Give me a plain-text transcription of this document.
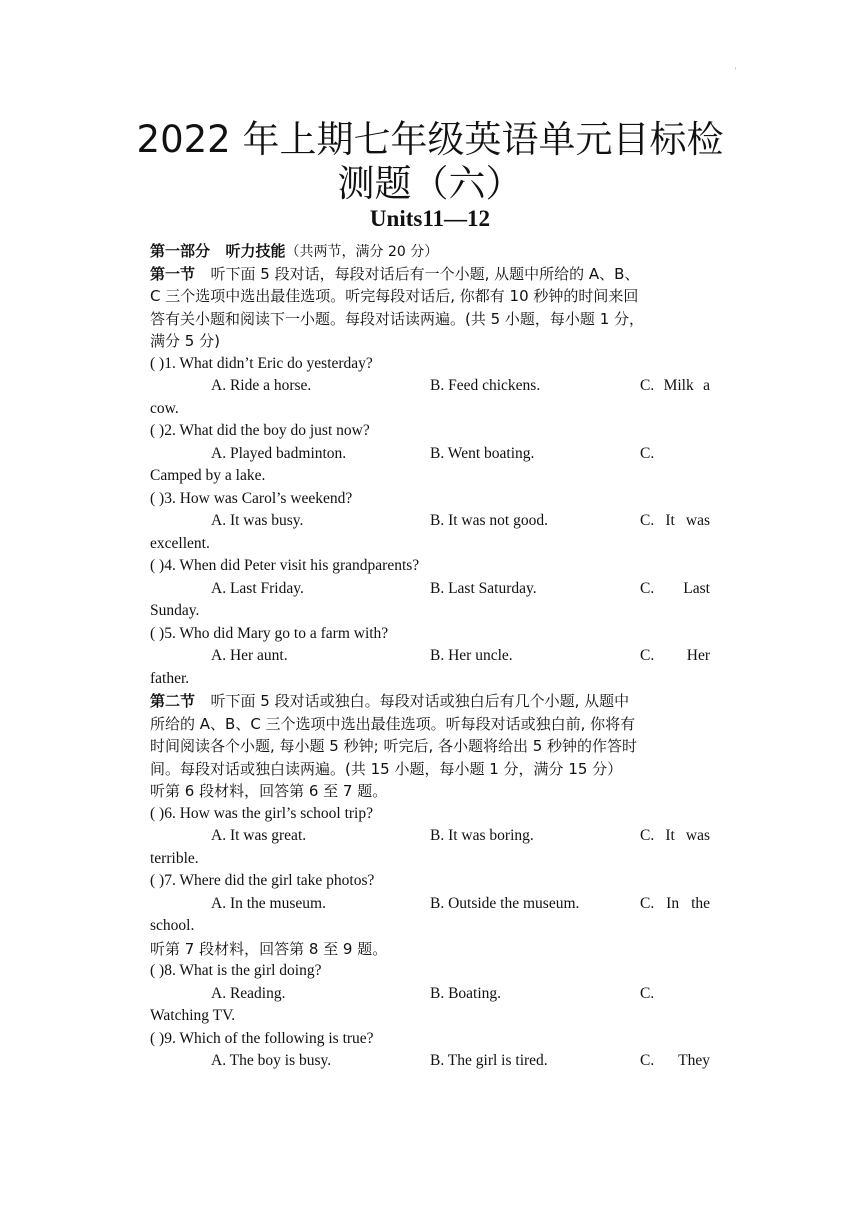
'
2022 年上期七年级英语单元目标检
测题（六）
Units11—12
第一部分 听力技能（共两节，满分 20 分）
第一节 听下面 5 段对话，每段对话后有一个小题, 从题中所给的 A、B、
C 三个选项中选出最佳选项。听完每段对话后, 你都有 10 秒钟的时间来回
答有关小题和阅读下一小题。每段对话读两遍。(共 5 小题，每小题 1 分，
满分 5 分)
( )1. What didn’t Eric do yesterday?
A. Ride a horse.	B. Feed chickens.	C. Milk a
cow.
( )2. What did the boy do just now?
A. Played badminton.	B. Went boating.	C.
Camped by a lake.
( )3. How was Carol’s weekend?
A. It was busy.	B. It was not good.	C. It was
excellent.
( )4. When did Peter visit his grandparents?
A. Last Friday.	B. Last Saturday.	C. Last
Sunday.
( )5. Who did Mary go to a farm with?
A. Her aunt.	B. Her uncle.	C. Her
father.
第二节 听下面 5 段对话或独白。每段对话或独白后有几个小题, 从题中
所给的 A、B、C 三个选项中选出最佳选项。听每段对话或独白前, 你将有
时间阅读各个小题, 每小题 5 秒钟; 听完后, 各小题将给出 5 秒钟的作答时
间。每段对话或独白读两遍。(共 15 小题，每小题 1 分，满分 15 分）
听第 6 段材料，回答第 6 至 7 题。
( )6. How was the girl’s school trip?
A. It was great.	B. It was boring.	C. It was
terrible.
( )7. Where did the girl take photos?
A. In the museum.	B. Outside the museum.	C. In the
school.
听第 7 段材料，回答第 8 至 9 题。
( )8. What is the girl doing?
A. Reading.	B. Boating.	C.
Watching TV.
( )9. Which of the following is true?
A. The boy is busy.	B. The girl is tired.	C. They
